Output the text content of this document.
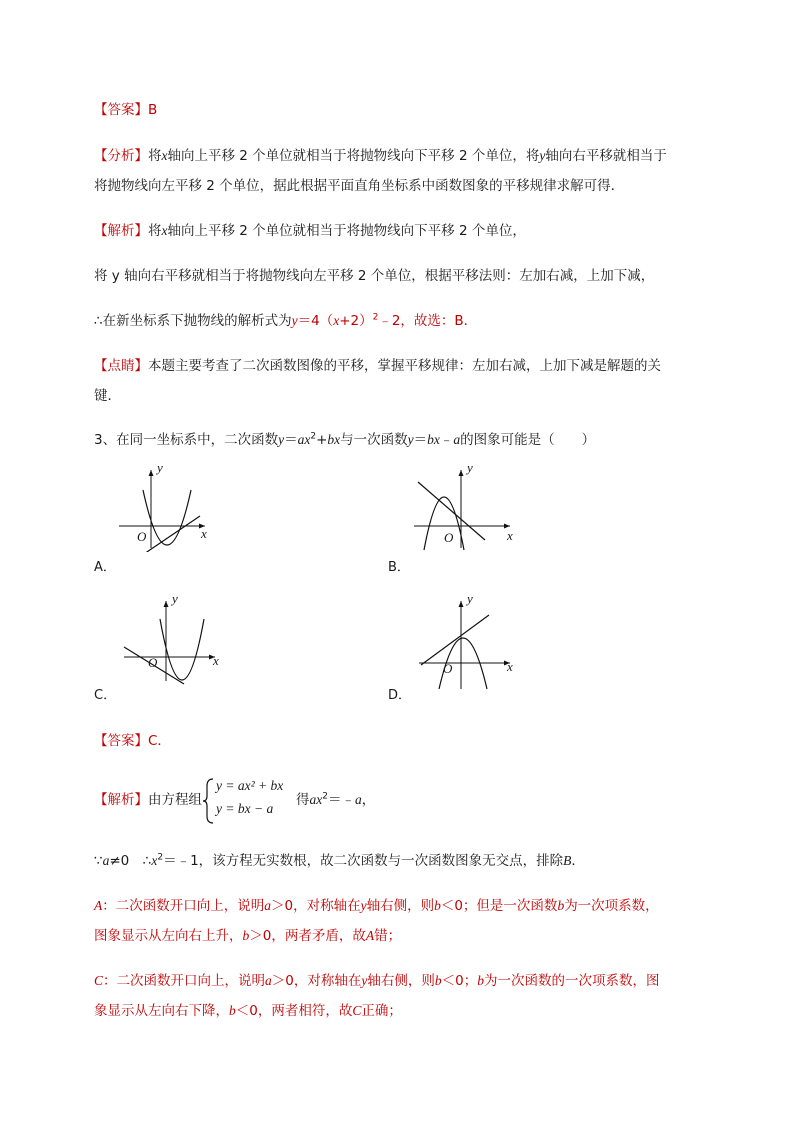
【答案】B
【分析】将x轴向上平移 2 个单位就相当于将抛物线向下平移 2 个单位，将y轴向右平移就相当于
将抛物线向左平移 2 个单位，据此根据平面直角坐标系中函数图象的平移规律求解可得．
【解析】将x轴向上平移 2 个单位就相当于将抛物线向下平移 2 个单位，
将 y 轴向右平移就相当于将抛物线向左平移 2 个单位，根据平移法则：左加右减，上加下减，
∴在新坐标系下抛物线的解析式为$y=4(x+2)^2﹣2$，故选：B．
【点睛】本题主要考查了二次函数图像的平移，掌握平移规律：左加右减，上加下减是解题的关
键．
3、在同一坐标系中，二次函数$y=ax^2+bx$与一次函数y＝bx﹣a的图象可能是（　　）
y
x
O
A．
y
x
O
B．
y
x
O
C．
y
x
O
D．
【答案】C．
【解析】由方程组
y = ax² + bx
y = bx − a
得$ax^2=﹣a$，
∵a≠0　$\therefore x^2=﹣1$，该方程无实数根，故二次函数与一次函数图象无交点，排除B．
A：二次函数开口向上，说明a＞0，对称轴在y轴右侧，则b＜0；但是一次函数b为一次项系数，
图象显示从左向右上升，b＞0，两者矛盾，故A错；
C：二次函数开口向上，说明a＞0，对称轴在y轴右侧，则b＜0；b为一次函数的一次项系数，图
象显示从左向右下降，b＜0，两者相符，故C正确；
